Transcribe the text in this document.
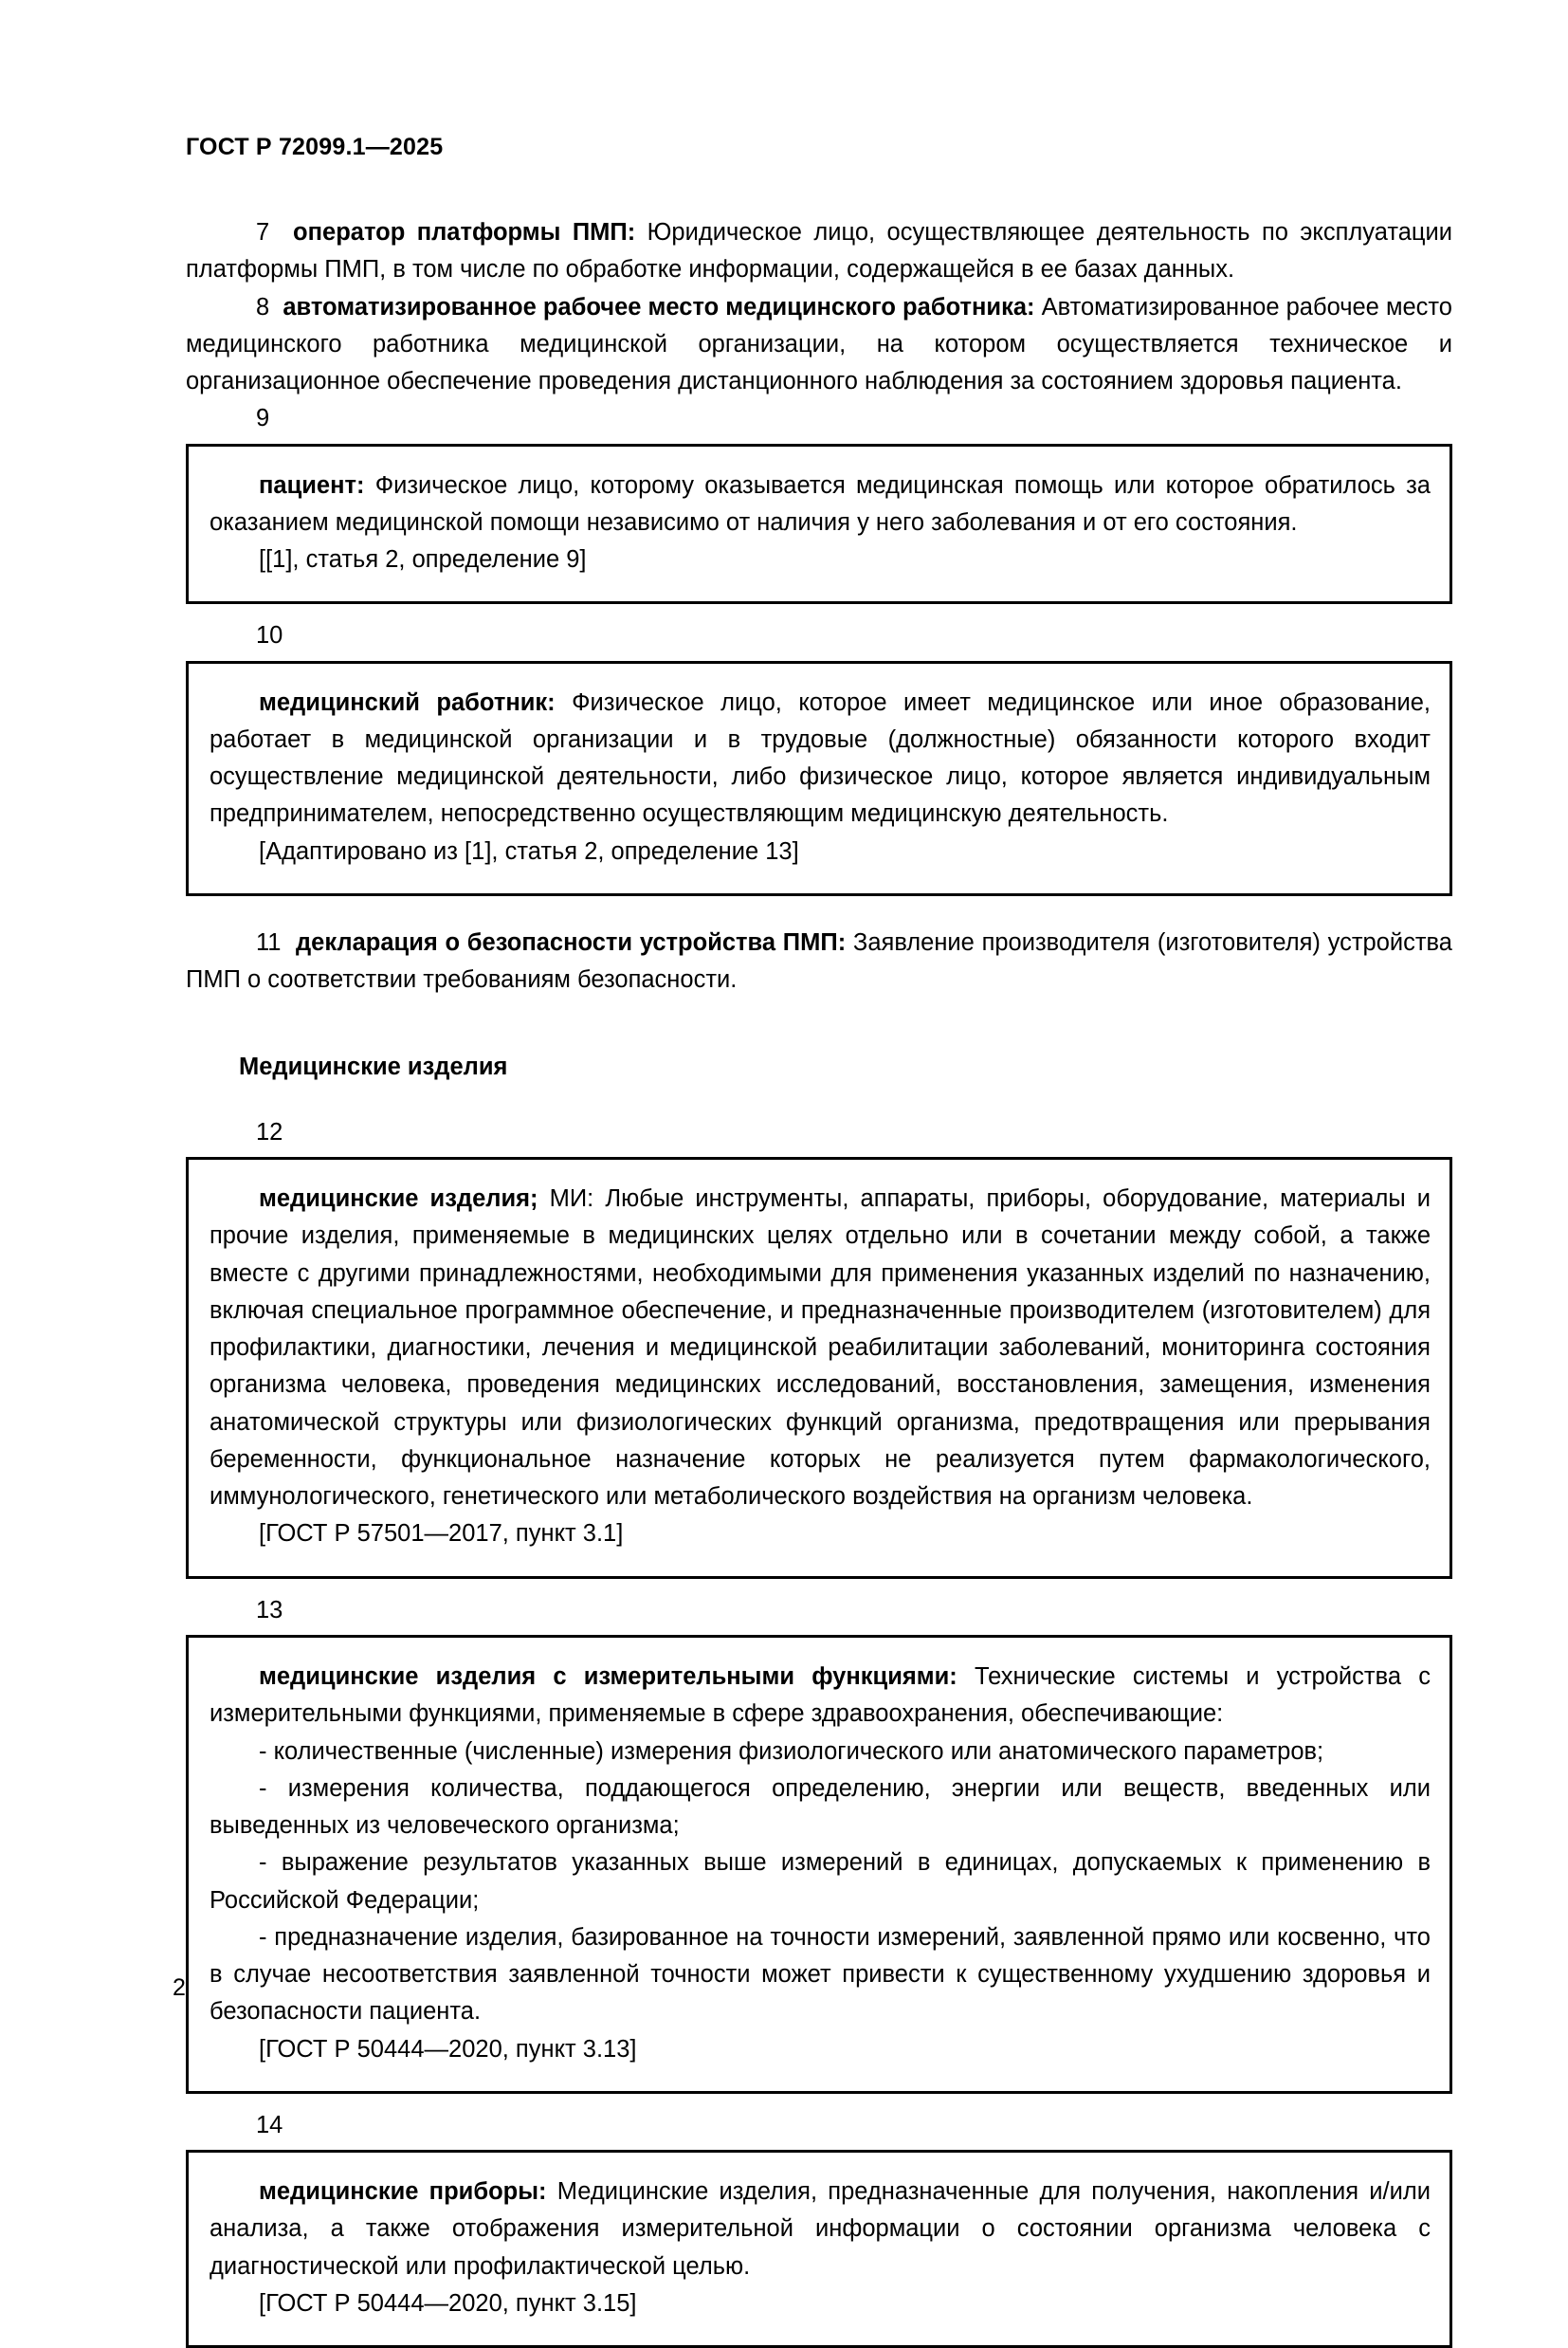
ГОСТ Р 72099.1—2025

7 оператор платформы ПМП: Юридическое лицо, осуществляющее деятельность по эксплуатации платформы ПМП, в том числе по обработке информации, содержащейся в ее базах данных.

8 автоматизированное рабочее место медицинского работника: Автоматизированное рабочее место медицинского работника медицинской организации, на котором осуществляется техническое и организационное обеспечение проведения дистанционного наблюдения за состоянием здоровья пациента.

9

пациент: Физическое лицо, которому оказывается медицинская помощь или которое обратилось за оказанием медицинской помощи независимо от наличия у него заболевания и от его состояния.

[[1], статья 2, определение 9]

10

медицинский работник: Физическое лицо, которое имеет медицинское или иное образование, работает в медицинской организации и в трудовые (должностные) обязанности которого входит осуществление медицинской деятельности, либо физическое лицо, которое является индивидуальным предпринимателем, непосредственно осуществляющим медицинскую деятельность.

[Адаптировано из [1], статья 2, определение 13]

11 декларация о безопасности устройства ПМП: Заявление производителя (изготовителя) устройства ПМП о соответствии требованиям безопасности.

Медицинские изделия

12

медицинские изделия; МИ: Любые инструменты, аппараты, приборы, оборудование, материалы и прочие изделия, применяемые в медицинских целях отдельно или в сочетании между собой, а также вместе с другими принадлежностями, необходимыми для применения указанных изделий по назначению, включая специальное программное обеспечение, и предназначенные производителем (изготовителем) для профилактики, диагностики, лечения и медицинской реабилитации заболеваний, мониторинга состояния организма человека, проведения медицинских исследований, восстановления, замещения, изменения анатомической структуры или физиологических функций организма, предотвращения или прерывания беременности, функциональное назначение которых не реализуется путем фармакологического, иммунологического, генетического или метаболического воздействия на организм человека.

[ГОСТ Р 57501—2017, пункт 3.1]

13

медицинские изделия с измерительными функциями: Технические системы и устройства с измерительными функциями, применяемые в сфере здравоохранения, обеспечивающие:

- количественные (численные) измерения физиологического или анатомического параметров;

- измерения количества, поддающегося определению, энергии или веществ, введенных или выведенных из человеческого организма;

- выражение результатов указанных выше измерений в единицах, допускаемых к применению в Российской Федерации;

- предназначение изделия, базированное на точности измерений, заявленной прямо или косвенно, что в случае несоответствия заявленной точности может привести к существенному ухудшению здоровья и безопасности пациента.

[ГОСТ Р 50444—2020, пункт 3.13]

14

медицинские приборы: Медицинские изделия, предназначенные для получения, накопления и/или анализа, а также отображения измерительной информации о состоянии организма человека с диагностической или профилактической целью.

[ГОСТ Р 50444—2020, пункт 3.15]

2
